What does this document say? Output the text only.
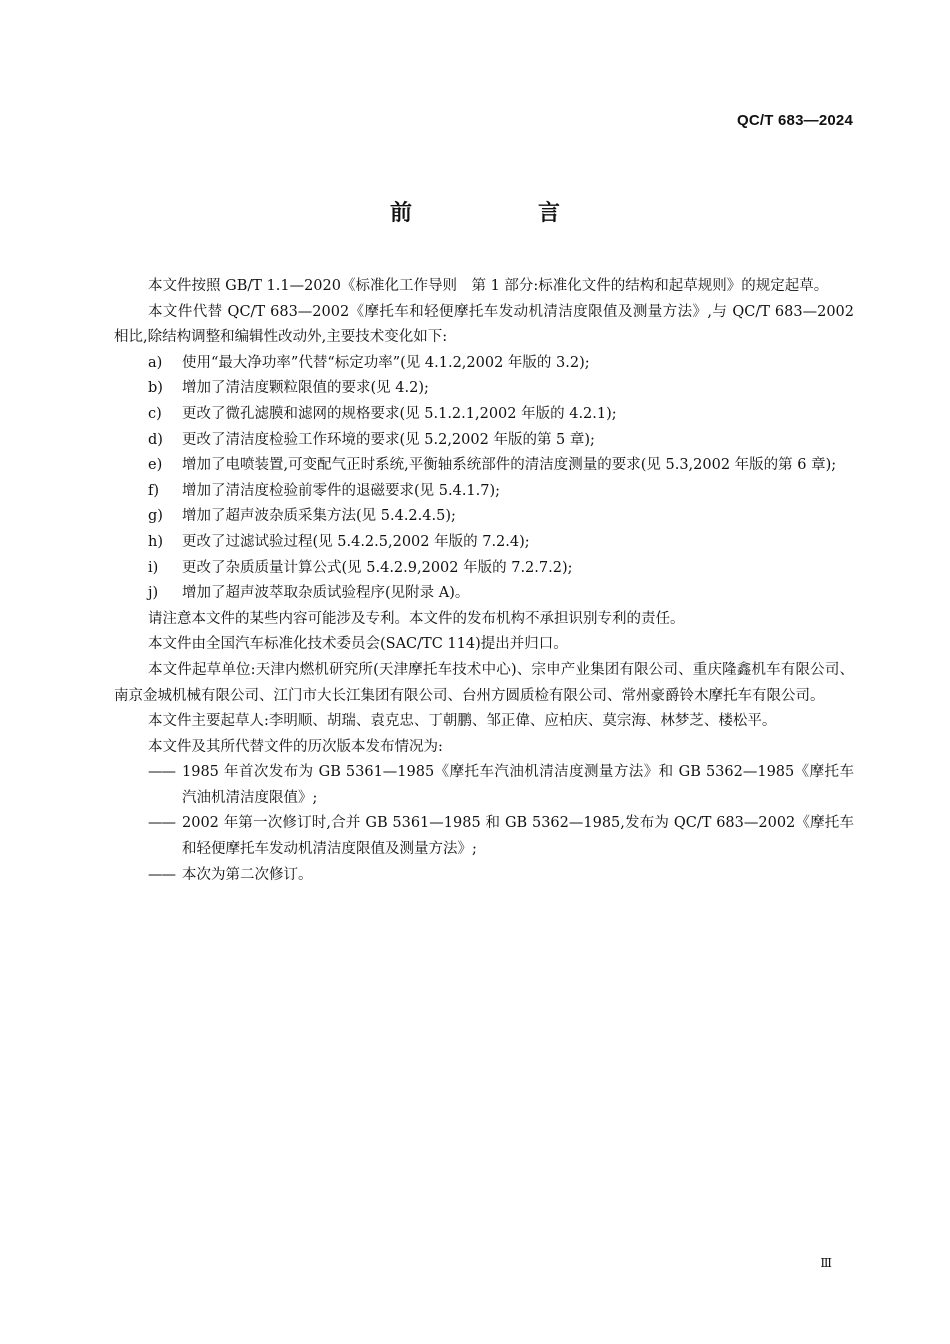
QC/T 683—2024
前　言
本文件按照 GB/T 1.1—2020《标准化工作导则　第 1 部分:标准化文件的结构和起草规则》的规定起草。
本文件代替 QC/T 683—2002《摩托车和轻便摩托车发动机清洁度限值及测量方法》,与 QC/T 683—2002 相比,除结构调整和编辑性改动外,主要技术变化如下:
a)	使用“最大净功率”代替“标定功率”(见 4.1.2,2002 年版的 3.2);
b)	增加了清洁度颗粒限值的要求(见 4.2);
c)	更改了微孔滤膜和滤网的规格要求(见 5.1.2.1,2002 年版的 4.2.1);
d)	更改了清洁度检验工作环境的要求(见 5.2,2002 年版的第 5 章);
e)	增加了电喷装置,可变配气正时系统,平衡轴系统部件的清洁度测量的要求(见 5.3,2002 年版的第 6 章);
f)	增加了清洁度检验前零件的退磁要求(见 5.4.1.7);
g)	增加了超声波杂质采集方法(见 5.4.2.4.5);
h)	更改了过滤试验过程(见 5.4.2.5,2002 年版的 7.2.4);
i)	更改了杂质质量计算公式(见 5.4.2.9,2002 年版的 7.2.7.2);
j)	增加了超声波萃取杂质试验程序(见附录 A)。
请注意本文件的某些内容可能涉及专利。本文件的发布机构不承担识别专利的责任。
本文件由全国汽车标准化技术委员会(SAC/TC 114)提出并归口。
本文件起草单位:天津内燃机研究所(天津摩托车技术中心)、宗申产业集团有限公司、重庆隆鑫机车有限公司、南京金城机械有限公司、江门市大长江集团有限公司、台州方圆质检有限公司、常州豪爵铃木摩托车有限公司。
本文件主要起草人:李明顺、胡瑞、袁克忠、丁朝鹏、邹正偉、应柏庆、莫宗海、林梦芝、楼松平。
本文件及其所代替文件的历次版本发布情况为:
—— 1985 年首次发布为 GB 5361—1985《摩托车汽油机清洁度测量方法》和 GB 5362—1985《摩托车汽油机清洁度限值》;
—— 2002 年第一次修订时,合并 GB 5361—1985 和 GB 5362—1985,发布为 QC/T 683—2002《摩托车和轻便摩托车发动机清洁度限值及测量方法》;
—— 本次为第二次修订。
Ⅲ
